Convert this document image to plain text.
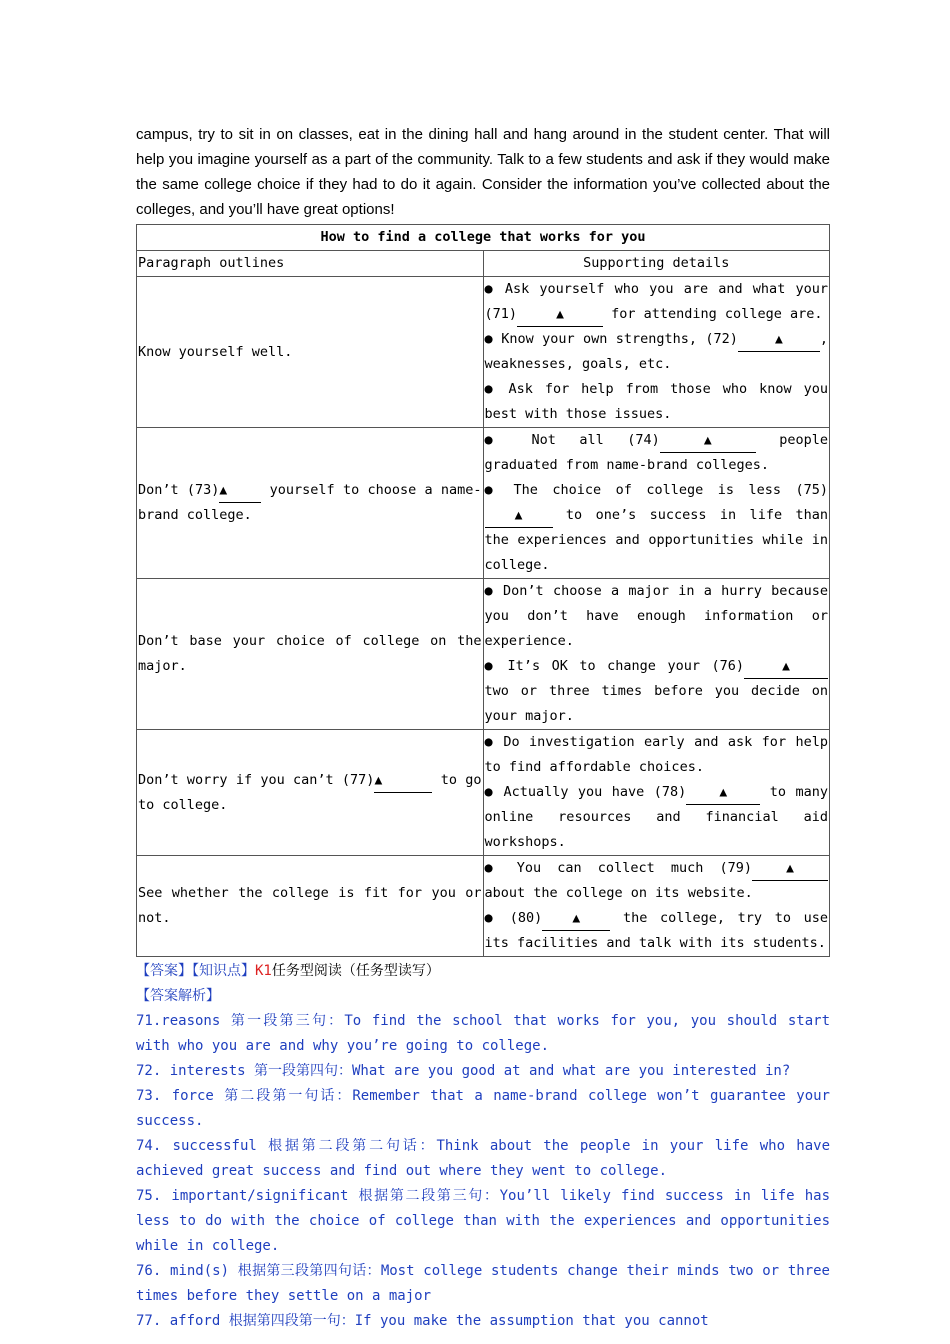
campus, try to sit in on classes, eat in the dining hall and hang around in the student center. That will help you imagine yourself as a part of the community. Talk to a few students and ask if they would make the same college choice if they had to do it again. Consider the information you’ve collected about the colleges, and you’ll have great options!

How to find a college that works for you	
Paragraph outlines	Supporting details
Know yourself well.	● Ask yourself who you are and what your (71) ▲ for attending college are.
● Know your own strengths, (72) ▲ , weaknesses, goals, etc.
● Ask for help from those who know you best with those issues.

Don’t (73)▲ yourself to choose a name-brand college.	● Not all (74) ▲ people graduated from name-brand colleges.
● The choice of college is less (75)▲ to one’s success in life than the experiences and opportunities while in college.

Don’t base your choice of college on the major.	● Don’t choose a major in a hurry because you don’t have enough information or experience.
● It’s OK to change your (76) ▲ two or three times before you decide on your major.

Don’t worry if you can’t (77)▲ to go to college.	● Do investigation early and ask for help to find affordable choices.
● Actually you have (78) ▲ to many online resources and financial aid workshops.

See whether the college is fit for you or not.	● You can collect much (79) ▲ about the college on its website.
● (80) ▲ the college, try to use its facilities and talk with its students.
【答案】【知识点】K1任务型阅读（任务型读写）
【答案解析】
71.reasons 第一段第三句：To find the school that works for you, you should start with who you are and why you’re going to college.
72. interests 第一段第四句：What are you good at and what are you interested in?
73. force 第二段第一句话：Remember that a name-brand college won’t guarantee your success.
74. successful 根据第二段第二句话：Think about the people in your life who have achieved great success and find out where they went to college.
75. important/significant 根据第二段第三句：You’ll likely find success in life has less to do with the choice of college than with the experiences and opportunities while in college.
76. mind(s) 根据第三段第四句话：Most college students change their minds two or three times before they settle on a major
77. afford 根据第四段第一句：If you make the assumption that you cannot
